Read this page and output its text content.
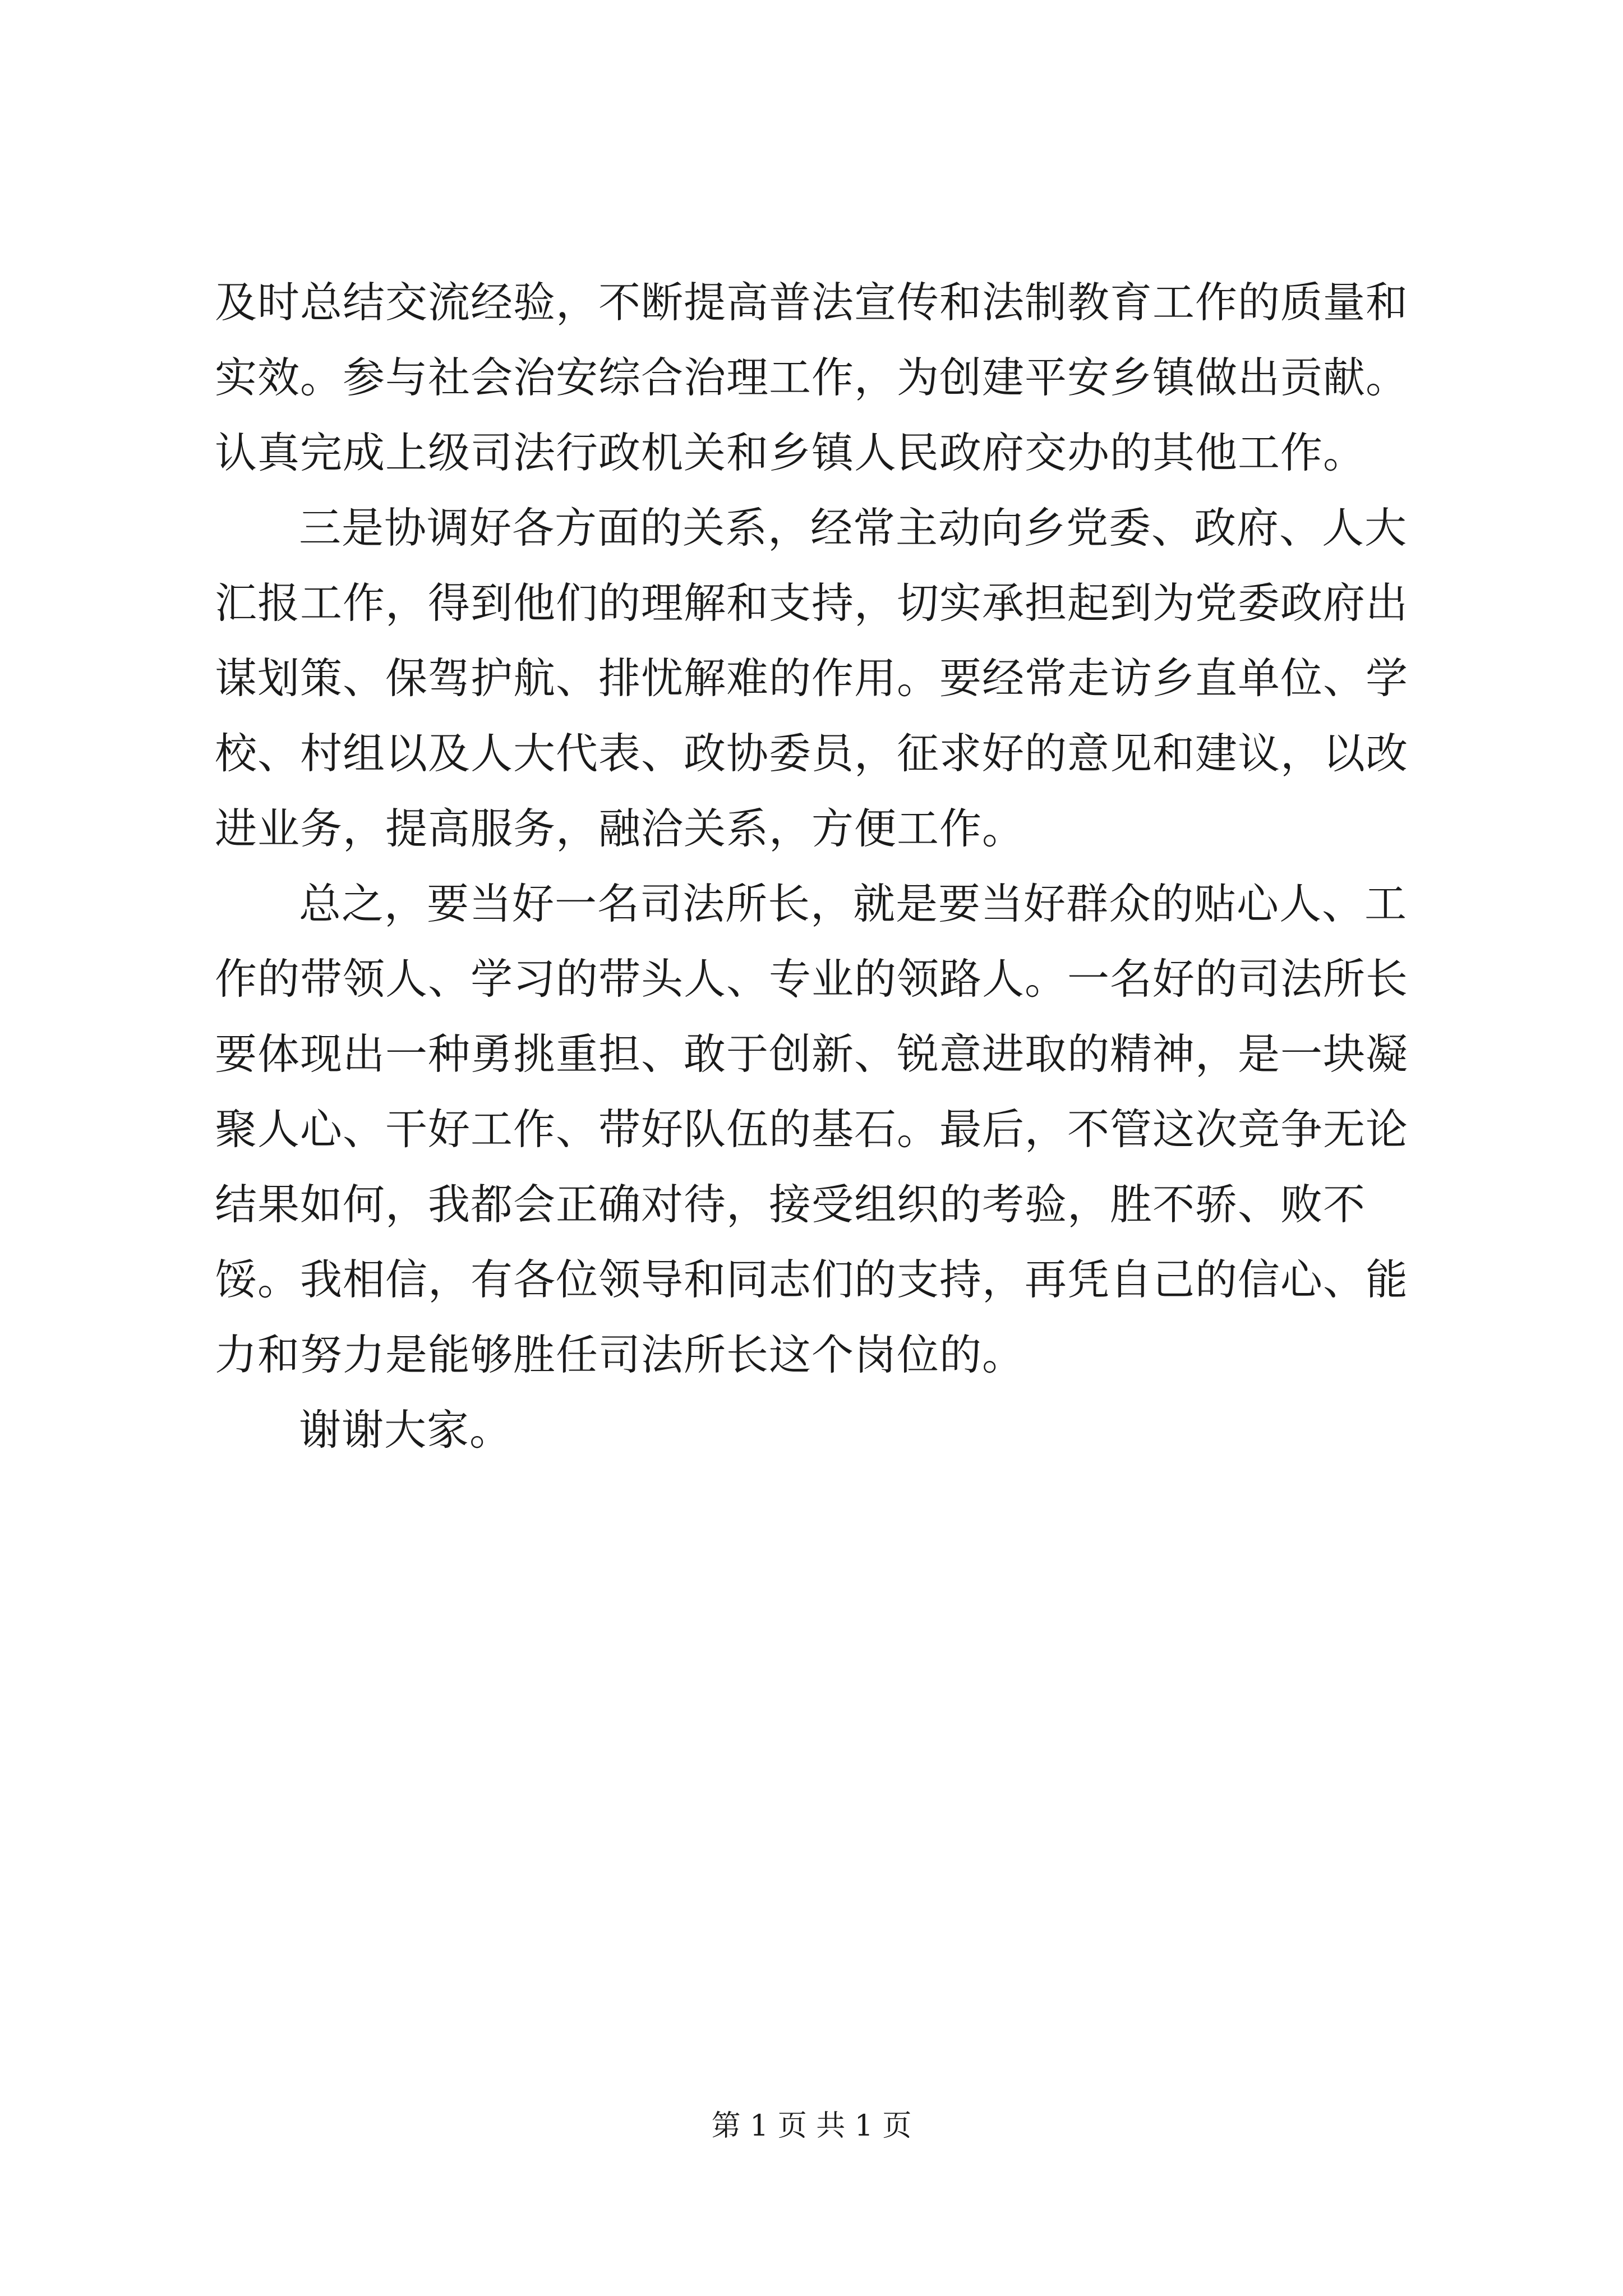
及时总结交流经验，不断提高普法宣传和法制教育工作的质量和实效。参与社会治安综合治理工作，为创建平安乡镇做出贡献。认真完成上级司法行政机关和乡镇人民政府交办的其他工作。

三是协调好各方面的关系，经常主动向乡党委、政府、人大汇报工作，得到他们的理解和支持，切实承担起到为党委政府出谋划策、保驾护航、排忧解难的作用。要经常走访乡直单位、学校、村组以及人大代表、政协委员，征求好的意见和建议，以改进业务，提高服务，融洽关系，方便工作。

总之，要当好一名司法所长，就是要当好群众的贴心人、工作的带领人、学习的带头人、专业的领路人。一名好的司法所长要体现出一种勇挑重担、敢于创新、锐意进取的精神，是一块凝聚人心、干好工作、带好队伍的基石。最后，不管这次竞争无论结果如何，我都会正确对待，接受组织的考验，胜不骄、败不馁。我相信，有各位领导和同志们的支持，再凭自己的信心、能力和努力是能够胜任司法所长这个岗位的。

谢谢大家。

第 1 页 共 1 页
